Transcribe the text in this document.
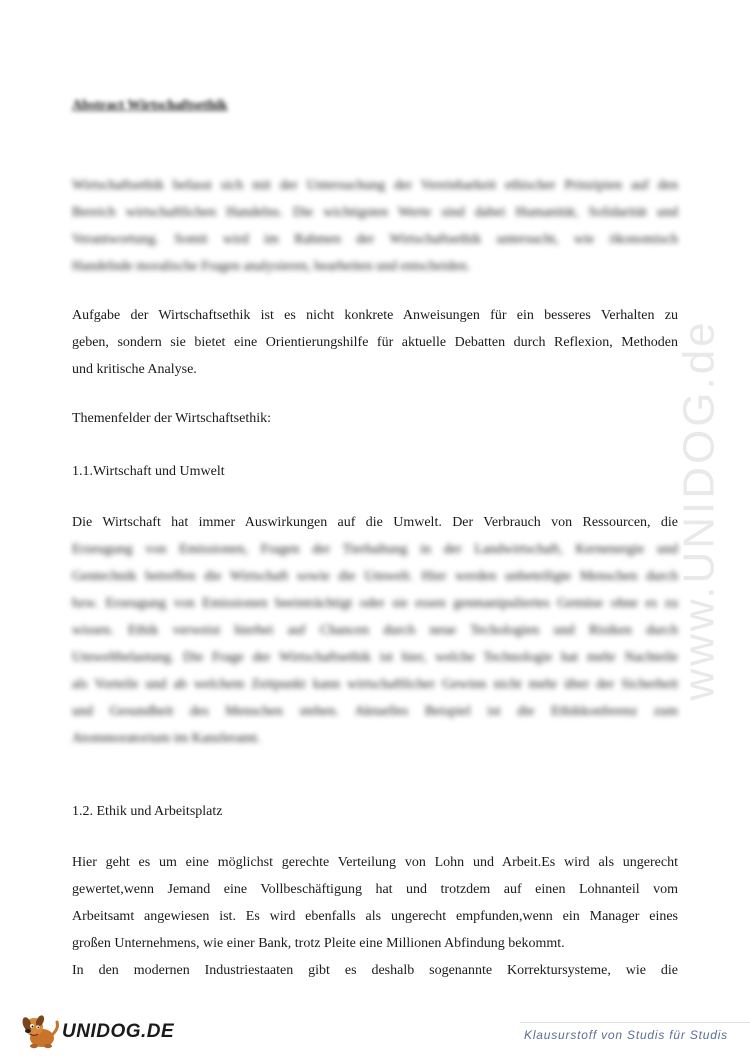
www.UNIDOG.de
Abstract Wirtschaftsethik
Wirtschaftsethik befasst sich mit der Untersuchung der Vereinbarkeit ethischer Prinzipien auf den
Bereich wirtschaftlichen Handelns. Die wichtigsten Werte sind dabei Humanität, Solidarität und
Verantwortung. Somit wird im Rahmen der Wirtschaftsethik untersucht, wie ökonomisch
Handelnde moralische Fragen analysieren, bearbeiten und entscheiden.
Aufgabe der Wirtschaftsethik ist es nicht konkrete Anweisungen für ein besseres Verhalten zu
geben, sondern sie bietet eine Orientierungshilfe für aktuelle Debatten durch Reflexion, Methoden
und kritische Analyse.

Themenfelder der Wirtschaftsethik:

1.1.Wirtschaft und Umwelt

Die Wirtschaft hat immer Auswirkungen auf die Umwelt. Der Verbrauch von Ressourcen, die
Erzeugung von Emissionen, Fragen der Tierhaltung in der Landwirtschaft, Kernenergie und
Gentechnik betreffen die Wirtschaft sowie die Umwelt. Hier werden unbeteiligte Menschen durch
bzw. Erzeugung von Emissionen beeinträchtigt oder sie essen genmanipuliertes Gemüse ohne es zu
wissen. Ethik verweist hierbei auf Chancen durch neue Techologien und Risiken durch
Umweltbelastung. Die Frage der Wirtschaftsethik ist hier, welche Technologie hat mehr Nachteile
als Vorteile und ab welchem Zeitpunkt kann wirtschaftlicher Gewinn nicht mehr über der Sicherheit
und Gesundheit des Menschen stehen. Aktuelles Beispiel ist die Ethikkonferenz zum
Atommoratorium im Kanzleramt.

1.2. Ethik und Arbeitsplatz

Hier geht es um eine möglichst gerechte Verteilung von Lohn und Arbeit.Es wird als ungerecht
gewertet,wenn Jemand eine Vollbeschäftigung hat und trotzdem auf einen Lohnanteil vom
Arbeitsamt angewiesen ist. Es wird ebenfalls als ungerecht empfunden,wenn ein Manager eines
großen Unternehmens, wie einer Bank, trotz Pleite eine Millionen Abfindung bekommt.
In den modernen Industriestaaten gibt es deshalb sogenannte Korrektursysteme, wie die
UNIDOG.DE	Klausurstoff von Studis für Studis
